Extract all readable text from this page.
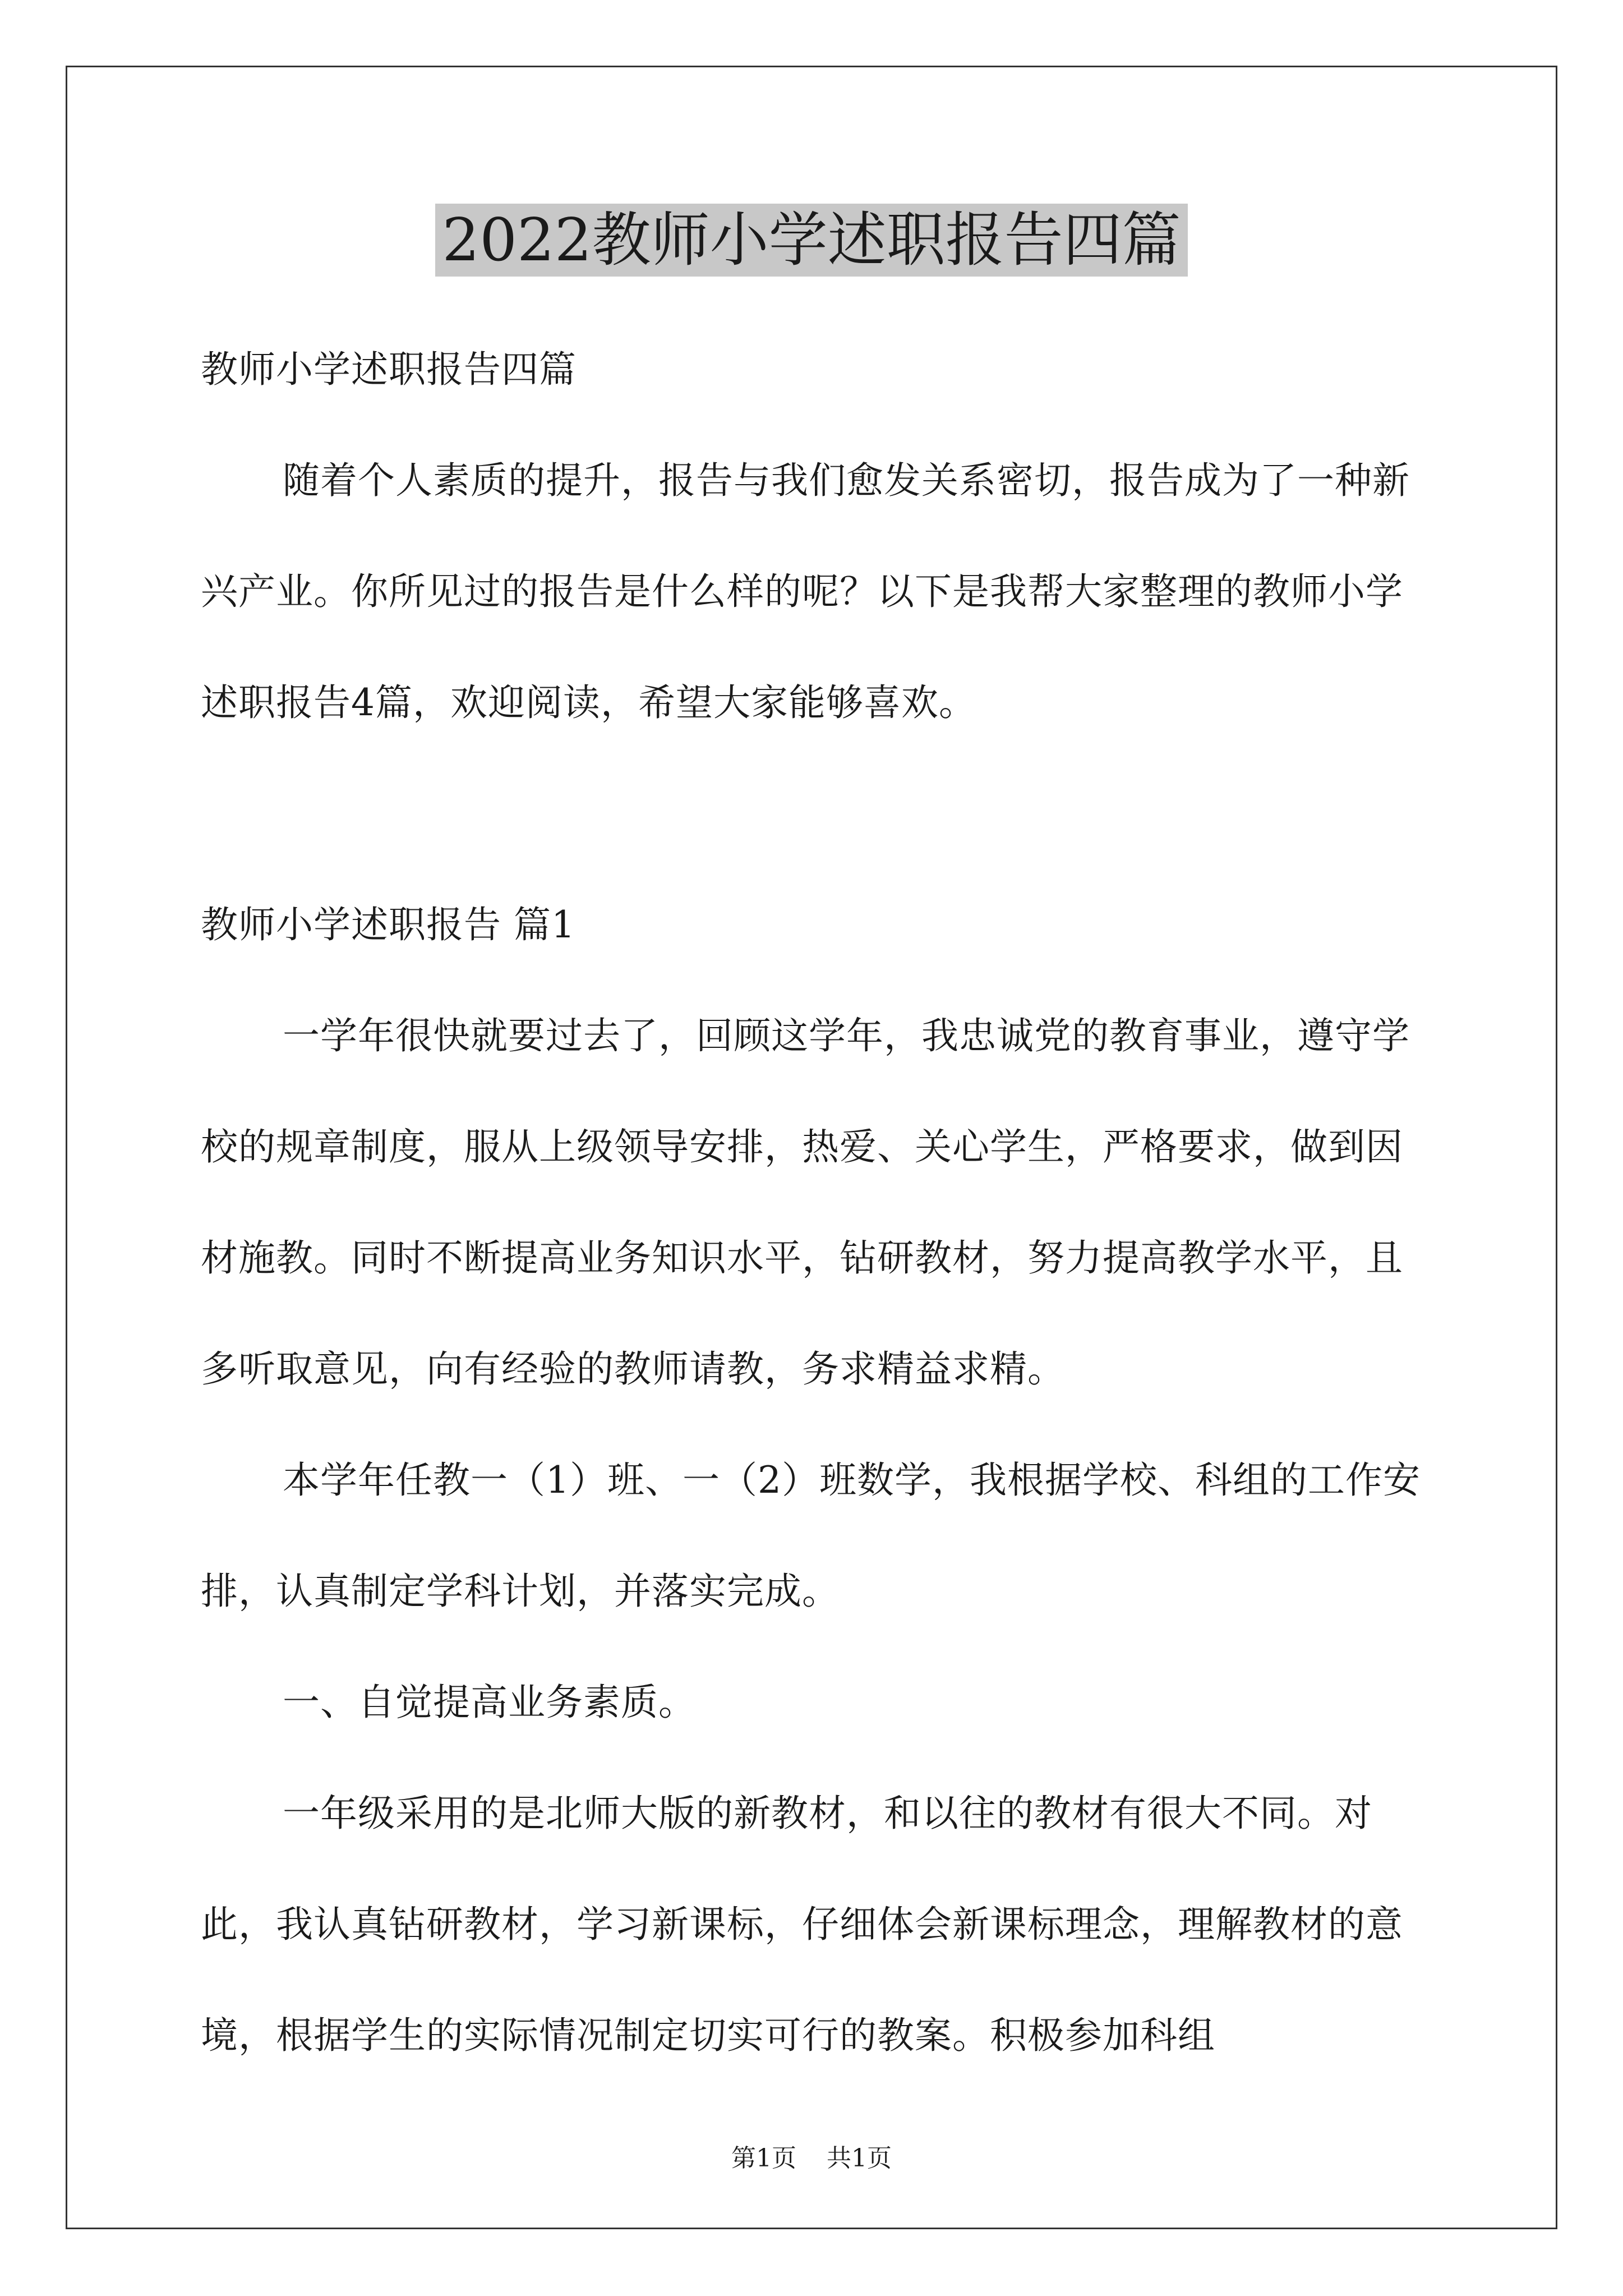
2022教师小学述职报告四篇

教师小学述职报告四篇

随着个人素质的提升，报告与我们愈发关系密切，报告成为了一种新兴产业。你所见过的报告是什么样的呢？以下是我帮大家整理的教师小学述职报告4篇，欢迎阅读，希望大家能够喜欢。

教师小学述职报告 篇1

一学年很快就要过去了，回顾这学年，我忠诚党的教育事业，遵守学校的规章制度，服从上级领导安排，热爱、关心学生，严格要求，做到因材施教。同时不断提高业务知识水平，钻研教材，努力提高教学水平，且多听取意见，向有经验的教师请教，务求精益求精。

本学年任教一（1）班、一（2）班数学，我根据学校、科组的工作安排，认真制定学科计划，并落实完成。

一、自觉提高业务素质。

一年级采用的是北师大版的新教材，和以往的教材有很大不同。对此，我认真钻研教材，学习新课标，仔细体会新课标理念，理解教材的意境，根据学生的实际情况制定切实可行的教案。积极参加科组

第1页 共1页
